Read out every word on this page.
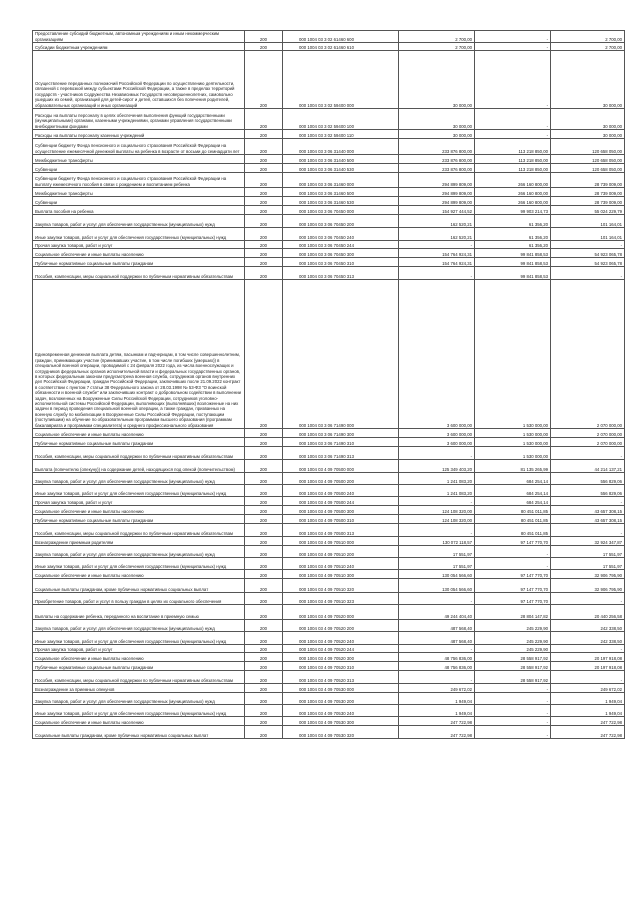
Предоставление субсидий бюджетным, автономным учреждениям и иным некоммерческим организациям	200	000 1004 03 3 02 61460 600	2 700,00	-	2 700,00
Субсидии бюджетным учреждениям	200	000 1004 03 3 02 61460 610	2 700,00	-	2 700,00
Осуществление переданных полномочий Российской Федерации по осуществлению деятельности, связанной с перевозкой между субъектами Российской Федерации, а также в пределах территорий государств - участников Содружества Независимых Государств несовершеннолетних, самовольно ушедших из семей, организаций для детей-сирот и детей, оставшихся без попечения родителей, образовательных организаций и иных организаций	200	000 1004 03 3 02 59400 000	30 000,00	-	30 000,00
Расходы на выплаты персоналу в целях обеспечения выполнения функций государственными (муниципальными) органами, казенными учреждениями, органами управления государственными внебюджетными фондами	200	000 1004 03 3 02 59400 100	30 000,00	-	30 000,00
Расходы на выплаты персоналу казенных учреждений	200	000 1004 03 3 02 59400 110	30 000,00	-	30 000,00
Субвенции бюджету Фонда пенсионного и социального страхования Российской Федерации на осуществление ежемесячной денежной выплаты на ребенка в возрасте от восьми до семнадцати лет	200	000 1004 03 3 06 31440 000	233 876 800,00	113 218 850,00	120 658 050,00
Межбюджетные трансферты	200	000 1004 03 3 06 31440 500	233 876 800,00	113 218 850,00	120 658 050,00
Субвенции	200	000 1004 03 3 06 31440 530	233 876 800,00	113 218 850,00	120 658 050,00
Субвенции бюджету Фонда пенсионного и социального страхования Российской Федерации на выплату ежемесячного пособия в связи с рождением и воспитанием ребенка	200	000 1004 03 3 06 31460 000	294 899 809,00	266 160 800,00	28 739 009,00
Межбюджетные трансферты	200	000 1004 03 3 06 31460 500	294 899 809,00	266 160 800,00	28 739 009,00
Субвенции	200	000 1004 03 3 06 31460 530	294 899 809,00	266 160 800,00	28 739 009,00
Выплата пособия на ребенка	200	000 1004 03 3 06 70450 000	154 927 444,52	99 903 214,73	55 024 229,79
Закупка товаров, работ и услуг для обеспечения государственных (муниципальных) нужд	200	000 1004 03 3 06 70450 200	162 520,21	61 356,20	101 164,01
Иные закупки товаров, работ и услуг для обеспечения государственных (муниципальных) нужд	200	000 1004 03 3 06 70450 240	162 520,21	61 356,20	101 164,01
Прочая закупка товаров, работ и услуг	200	000 1004 03 3 06 70450 244	-	61 356,20	-
Социальное обеспечение и иные выплаты населению	200	000 1004 03 3 06 70450 300	154 764 924,31	99 841 858,53	54 923 065,78
Публичные нормативные социальные выплаты гражданам	200	000 1004 03 3 06 70450 310	154 764 924,31	99 841 858,53	54 923 065,78
Пособия, компенсации, меры социальной поддержки по публичным нормативным обязательствам	200	000 1004 03 3 06 70450 313	-	99 841 858,53	-
Единовременная денежная выплата детям, пасынкам и падчерицам, в том числе совершеннолетним, граждан, принимающих участие (принимавших участие, в том числе погибших (умерших)) в специальной военной операции, проводимой с 24 февраля 2022 года, из числа военнослужащих и сотрудников федеральных органов исполнительной власти и федеральных государственных органов, в которых федеральным законом предусмотрена военная служба, сотрудников органов внутренних дел Российской Федерации, граждан Российской Федерации, заключивших после 21.09.2022 контракт в соответствии с пунктом 7 статьи 38 Федерального закона от 28.03.1998 № 53-ФЗ "О воинской обязанности и военной службе" или заключивших контракт о добровольном содействии в выполнении задач, возложенных на Вооруженные Силы Российской Федерации, сотрудников уголовно-исполнительной системы Российской Федерации, выполняющих (выполнявших) возложенные на них задачи в период проведения специальной военной операции, а также граждан, призванных на военную службу по мобилизации в Вооруженные Силы Российской Федерации, поступающим (поступившим) на обучение по образовательным программам высшего образования (программам бакалавриата и программам специалитета) и среднего профессионального образования	200	000 1004 03 3 06 71490 000	3 600 000,00	1 530 000,00	2 070 000,00
Социальное обеспечение и иные выплаты населению	200	000 1004 03 3 06 71490 300	3 600 000,00	1 530 000,00	2 070 000,00
Публичные нормативные социальные выплаты гражданам	200	000 1004 03 3 06 71490 310	3 600 000,00	1 530 000,00	2 070 000,00
Пособия, компенсации, меры социальной поддержки по публичным нормативным обязательствам	200	000 1004 03 3 06 71490 313	-	1 530 000,00	-
Выплата (попечителю (опекуну)) на содержание детей, находящихся под опекой (попечительством)	200	000 1004 03 4 09 70500 000	125 349 403,20	81 135 265,99	44 214 137,21
Закупка товаров, работ и услуг для обеспечения государственных (муниципальных) нужд	200	000 1004 03 4 09 70500 200	1 241 083,20	684 254,14	556 829,06
Иные закупки товаров, работ и услуг для обеспечения государственных (муниципальных) нужд	200	000 1004 03 4 09 70500 240	1 241 083,20	684 254,14	556 829,06
Прочая закупка товаров, работ и услуг	200	000 1004 03 4 09 70500 244	-	684 254,14	-
Социальное обеспечение и иные выплаты населению	200	000 1004 03 4 09 70500 300	124 108 320,00	80 451 011,85	43 657 308,15
Публичные нормативные социальные выплаты гражданам	200	000 1004 03 4 09 70500 310	124 108 320,00	80 451 011,85	43 657 308,15
Пособия, компенсации, меры социальной поддержки по публичным нормативным обязательствам	200	000 1004 03 4 09 70500 313	-	80 451 011,85	-
Вознаграждение приемным родителям	200	000 1004 03 4 09 70510 000	130 072 118,57	97 147 770,70	32 924 347,87
Закупка товаров, работ и услуг для обеспечения государственных (муниципальных) нужд	200	000 1004 03 4 09 70510 200	17 551,97	-	17 551,97
Иные закупки товаров, работ и услуг для обеспечения государственных (муниципальных) нужд	200	000 1004 03 4 09 70510 240	17 551,97	-	17 551,97
Социальное обеспечение и иные выплаты населению	200	000 1004 03 4 09 70510 300	130 054 566,60	97 147 770,70	32 906 795,90
Социальные выплаты гражданам, кроме публичных нормативных социальных выплат	200	000 1004 03 4 09 70510 320	130 054 566,60	97 147 770,70	32 906 795,90
Приобретение товаров, работ и услуг в пользу граждан в целях их социального обеспечения	200	000 1004 03 4 09 70510 323	-	97 147 770,70	-
Выплаты на содержание ребенка, переданного на воспитание в приемную семью	200	000 1004 03 4 09 70520 000	49 244 404,40	28 804 147,82	20 440 256,58
Закупка товаров, работ и услуг для обеспечения государственных (муниципальных) нужд	200	000 1004 03 4 09 70520 200	487 568,40	245 229,90	242 338,50
Иные закупки товаров, работ и услуг для обеспечения государственных (муниципальных) нужд	200	000 1004 03 4 09 70520 240	487 568,40	245 229,90	242 338,50
Прочая закупка товаров, работ и услуг	200	000 1004 03 4 09 70520 244	-	245 229,90	-
Социальное обеспечение и иные выплаты населению	200	000 1004 03 4 09 70520 300	48 756 836,00	28 558 917,92	20 197 918,08
Публичные нормативные социальные выплаты гражданам	200	000 1004 03 4 09 70520 310	48 756 836,00	28 558 917,92	20 197 918,08
Пособия, компенсации, меры социальной поддержки по публичным нормативным обязательствам	200	000 1004 03 4 09 70520 313	-	28 558 917,92	-
Вознаграждение за приемных опекунов	200	000 1004 03 4 09 70530 000	249 672,02	-	249 672,02
Закупка товаров, работ и услуг для обеспечения государственных (муниципальных) нужд	200	000 1004 03 4 09 70530 200	1 949,04	-	1 949,04
Иные закупки товаров, работ и услуг для обеспечения государственных (муниципальных) нужд	200	000 1004 03 4 09 70530 240	1 949,04	-	1 949,04
Социальное обеспечение и иные выплаты населению	200	000 1004 03 4 09 70530 300	247 722,98	-	247 722,98
Социальные выплаты гражданам, кроме публичных нормативных социальных выплат	200	000 1004 03 4 09 70530 320	247 722,98	-	247 722,98
